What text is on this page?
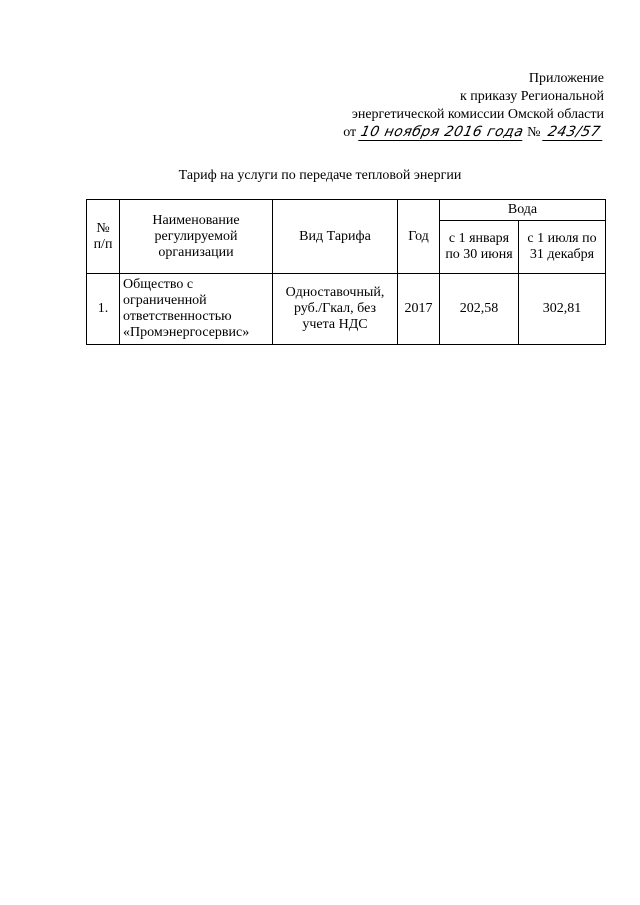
Приложение
к приказу Региональной
энергетической комиссии Омской области
от 10 ноября 2016 года № 243/57
Тариф на услуги по передаче тепловой энергии
№ п/п	Наименование регулируемой организации	Вид Тарифа	Год	Вода	
				с 1 января по 30 июня	с 1 июля по 31 декабря
1.	Общество с ограниченной ответственностью «Промэнергосервис»	Одноставочный, руб./Гкал, без учета НДС	2017	202,58	302,81
